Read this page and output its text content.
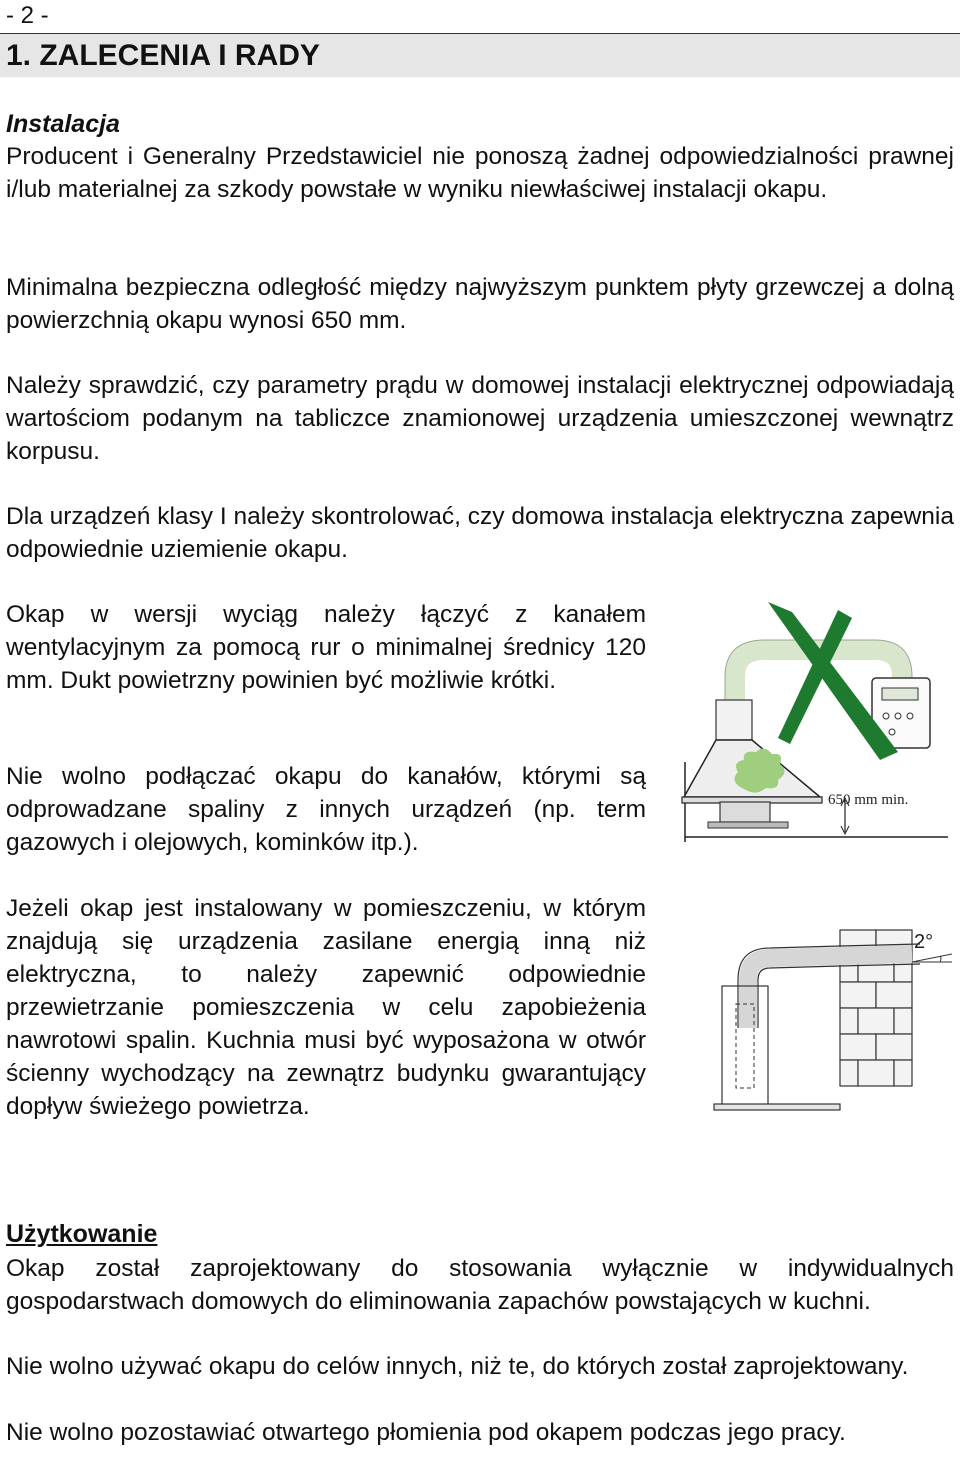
- 2 -
1. ZALECENIA I RADY
Instalacja

Producent i Generalny Przedstawiciel nie ponoszą żadnej odpowiedzialności prawnej i/lub materialnej za szkody powstałe w wyniku niewłaściwej instalacji okapu.

Minimalna bezpieczna odległość między najwyższym punktem płyty grzewczej a dolną powierzchnią okapu wynosi 650 mm.

Należy sprawdzić, czy parametry prądu w domowej instalacji elektrycznej odpowiadają wartościom podanym na tabliczce znamionowej urządzenia umieszczonej wewnątrz korpusu.

Dla urządzeń klasy I należy skontrolować, czy domowa instalacja elektryczna zapewnia odpowiednie uziemienie okapu.

Okap w wersji wyciąg należy łączyć z kanałem wentylacyjnym za pomocą rur o minimalnej średnicy 120 mm. Dukt powietrzny powinien być możliwie krótki.

Nie wolno podłączać okapu do kanałów, którymi są odprowadzane spaliny z innych urządzeń (np. term gazowych i olejowych, kominków itp.).

Jeżeli okap jest instalowany w pomieszczeniu, w którym znajdują się urządzenia zasilane energią inną niż elektryczna, to należy zapewnić odpowiednie przewietrzanie pomieszczenia w celu zapobieżenia nawrotowi spalin. Kuchnia musi być wyposażona w otwór ścienny wychodzący na zewnątrz budynku gwarantujący dopływ świeżego powietrza.

650 mm min.
2°
Użytkowanie

Okap został zaprojektowany do stosowania wyłącznie w indywidualnych gospodarstwach domowych do eliminowania zapachów powstających w kuchni.

Nie wolno używać okapu do celów innych, niż te, do których został zaprojektowany.

Nie wolno pozostawiać otwartego płomienia pod okapem podczas jego pracy.
